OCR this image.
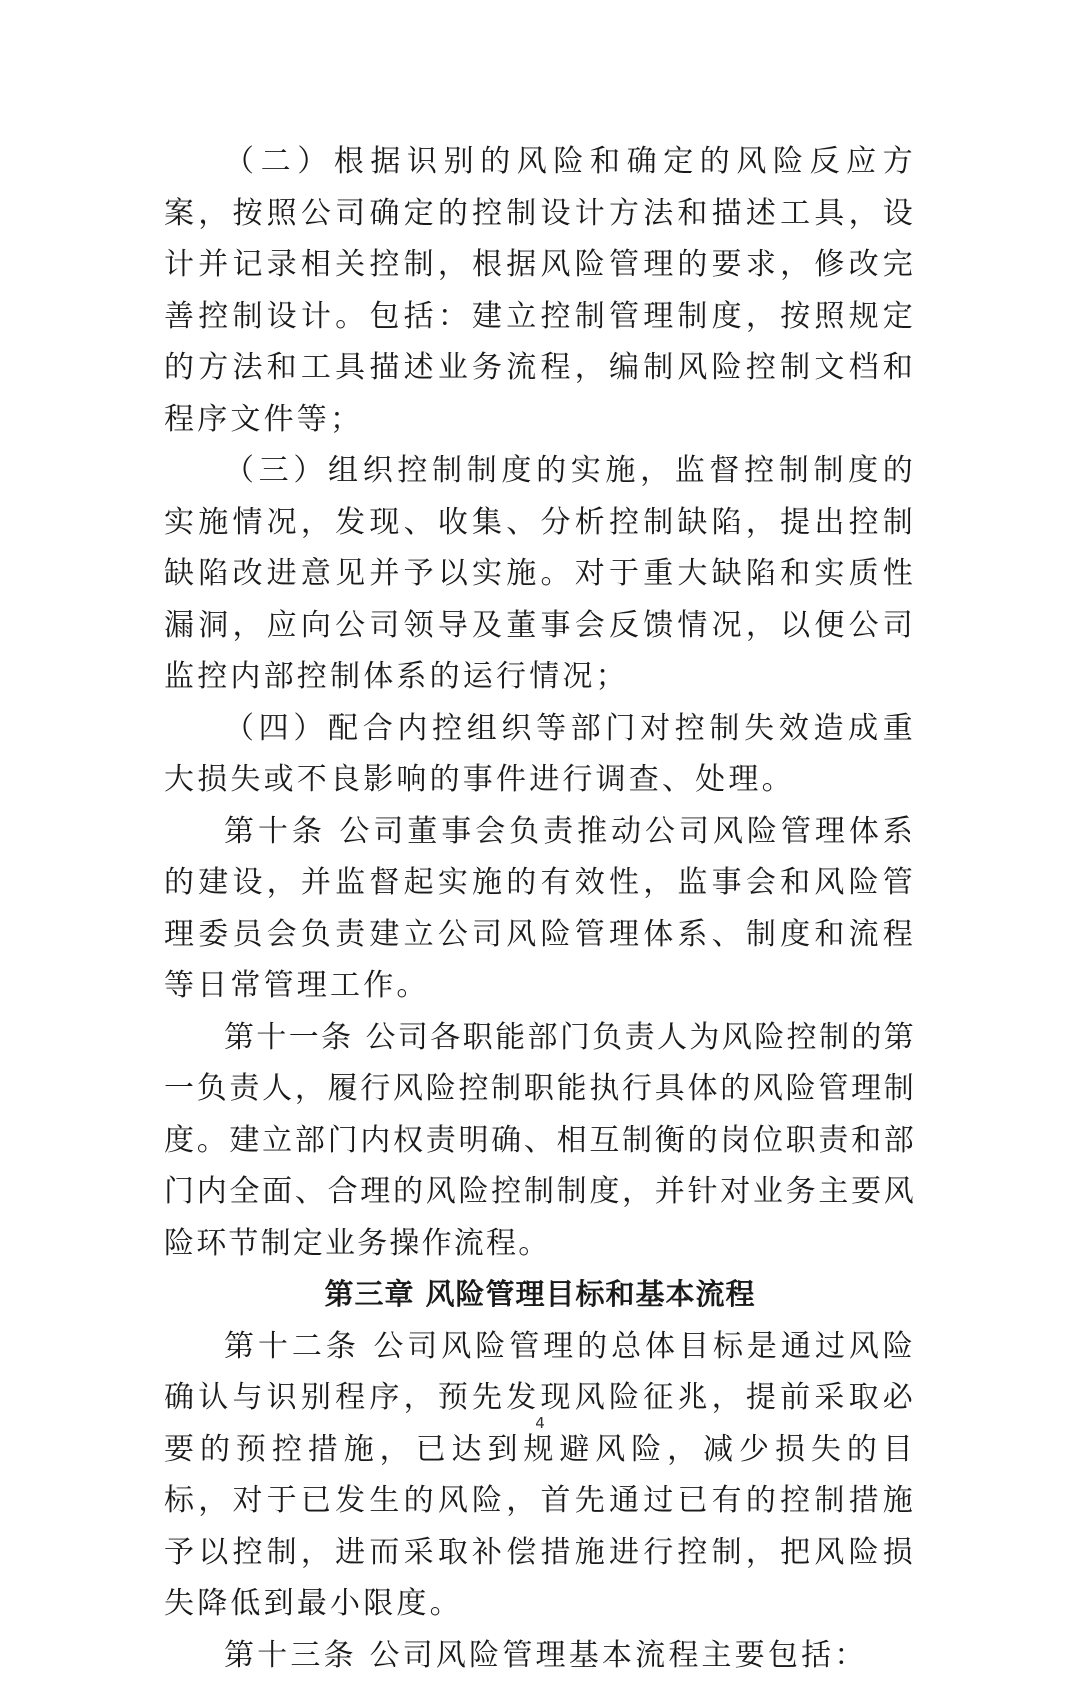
（二）根据识别的风险和确定的风险反应方案，按照公司确定的控制设计方法和描述工具，设计并记录相关控制，根据风险管理的要求，修改完善控制设计。包括：建立控制管理制度，按照规定的方法和工具描述业务流程，编制风险控制文档和程序文件等；

（三）组织控制制度的实施，监督控制制度的实施情况，发现、收集、分析控制缺陷，提出控制缺陷改进意见并予以实施。对于重大缺陷和实质性漏洞，应向公司领导及董事会反馈情况，以便公司监控内部控制体系的运行情况；

（四）配合内控组织等部门对控制失效造成重大损失或不良影响的事件进行调查、处理。

第十条 公司董事会负责推动公司风险管理体系的建设，并监督起实施的有效性，监事会和风险管理委员会负责建立公司风险管理体系、制度和流程等日常管理工作。

第十一条 公司各职能部门负责人为风险控制的第一负责人，履行风险控制职能执行具体的风险管理制度。建立部门内权责明确、相互制衡的岗位职责和部门内全面、合理的风险控制制度，并针对业务主要风险环节制定业务操作流程。

第三章 风险管理目标和基本流程

第十二条 公司风险管理的总体目标是通过风险确认与识别程序，预先发现风险征兆，提前采取必要的预控措施，已达到规避风险，减少损失的目标，对于已发生的风险，首先通过已有的控制措施予以控制，进而采取补偿措施进行控制，把风险损失降低到最小限度。

第十三条 公司风险管理基本流程主要包括：

4
